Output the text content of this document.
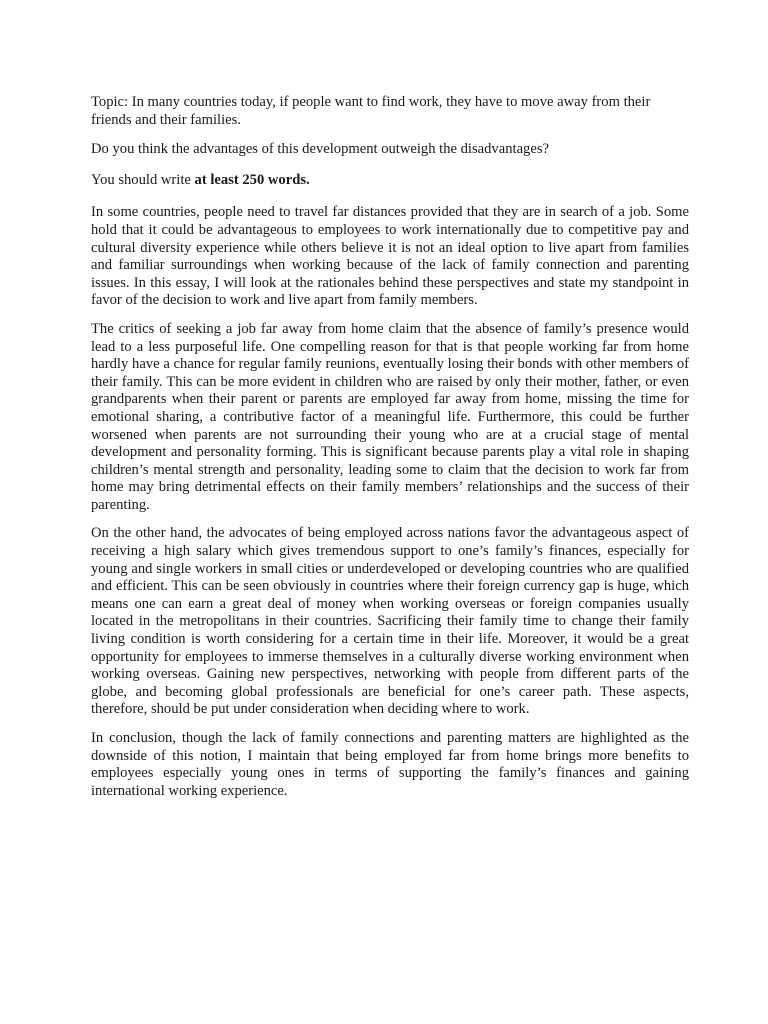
Topic: In many countries today, if people want to find work, they have to move away from their friends and their families.

Do you think the advantages of this development outweigh the disadvantages?

You should write at least 250 words.

In some countries, people need to travel far distances provided that they are in search of a job. Some hold that it could be advantageous to employees to work internationally due to competitive pay and cultural diversity experience while others believe it is not an ideal option to live apart from families and familiar surroundings when working because of the lack of family connection and parenting issues. In this essay, I will look at the rationales behind these perspectives and state my standpoint in favor of the decision to work and live apart from family members.

The critics of seeking a job far away from home claim that the absence of family’s presence would lead to a less purposeful life. One compelling reason for that is that people working far from home hardly have a chance for regular family reunions, eventually losing their bonds with other members of their family. This can be more evident in children who are raised by only their mother, father, or even grandparents when their parent or parents are employed far away from home, missing the time for emotional sharing, a contributive factor of a meaningful life. Furthermore, this could be further worsened when parents are not surrounding their young who are at a crucial stage of mental development and personality forming. This is significant because parents play a vital role in shaping children’s mental strength and personality, leading some to claim that the decision to work far from home may bring detrimental effects on their family members’ relationships and the success of their parenting.

On the other hand, the advocates of being employed across nations favor the advantageous aspect of receiving a high salary which gives tremendous support to one’s family’s finances, especially for young and single workers in small cities or underdeveloped or developing countries who are qualified and efficient. This can be seen obviously in countries where their foreign currency gap is huge, which means one can earn a great deal of money when working overseas or foreign companies usually located in the metropolitans in their countries. Sacrificing their family time to change their family living condition is worth considering for a certain time in their life. Moreover, it would be a great opportunity for employees to immerse themselves in a culturally diverse working environment when working overseas. Gaining new perspectives, networking with people from different parts of the globe, and becoming global professionals are beneficial for one’s career path. These aspects, therefore, should be put under consideration when deciding where to work.

In conclusion, though the lack of family connections and parenting matters are highlighted as the downside of this notion, I maintain that being employed far from home brings more benefits to employees especially young ones in terms of supporting the family’s finances and gaining international working experience.
